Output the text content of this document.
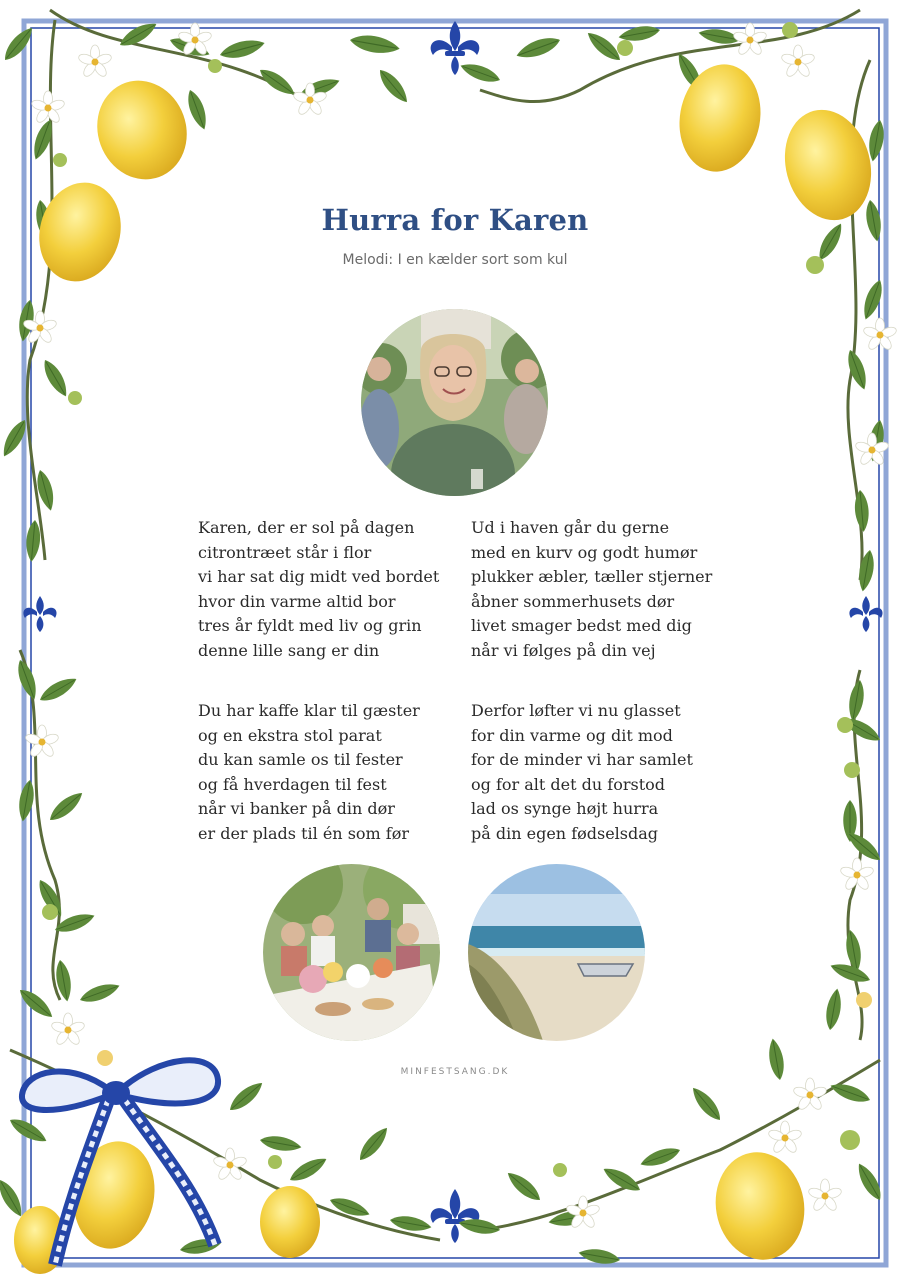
Hurra for Karen
Melodi: I en kælder sort som kul
Karen, der er sol på dagen
citrontræet står i flor
vi har sat dig midt ved bordet
hvor din varme altid bor
tres år fyldt med liv og grin
denne lille sang er din
Ud i haven går du gerne
med en kurv og godt humør
plukker æbler, tæller stjerner
åbner sommerhusets dør
livet smager bedst med dig
når vi følges på din vej
Du har kaffe klar til gæster
og en ekstra stol parat
du kan samle os til fester
og få hverdagen til fest
når vi banker på din dør
er der plads til én som før
Derfor løfter vi nu glasset
for din varme og dit mod
for de minder vi har samlet
og for alt det du forstod
lad os synge højt hurra
på din egen fødselsdag
MINFESTSANG.DK
